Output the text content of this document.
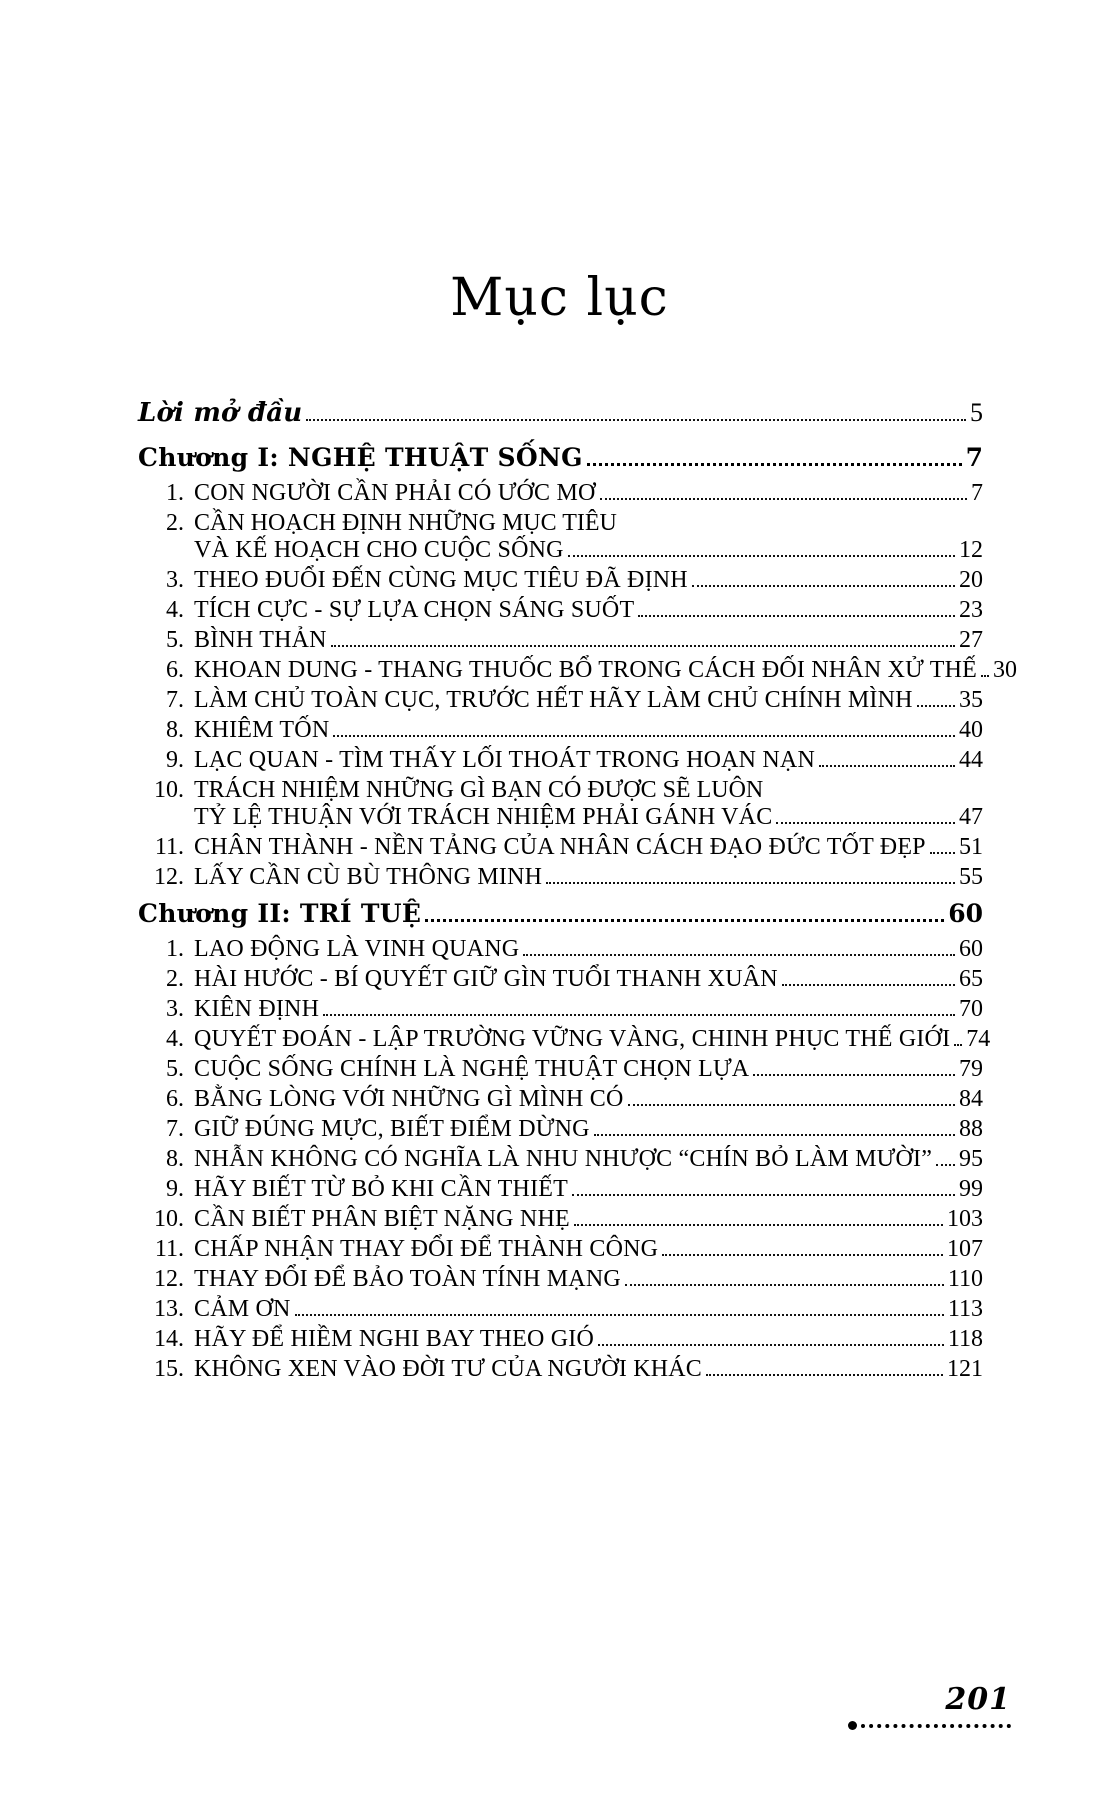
Mục lục
Lời mở đầu	5
Chương I: NGHỆ THUẬT SỐNG	7
1. CON NGƯỜI CẦN PHẢI CÓ ƯỚC MƠ	7
2. CẦN HOẠCH ĐỊNH NHỮNG MỤC TIÊU
VÀ KẾ HOẠCH CHO CUỘC SỐNG	12
3. THEO ĐUỔI ĐẾN CÙNG MỤC TIÊU ĐÃ ĐỊNH	20
4. TÍCH CỰC - SỰ LỰA CHỌN SÁNG SUỐT	23
5. BÌNH THẢN	27
6. KHOAN DUNG - THANG THUỐC BỔ TRONG CÁCH ĐỐI NHÂN XỬ THẾ 30
7. LÀM CHỦ TOÀN CỤC, TRƯỚC HẾT HÃY LÀM CHỦ CHÍNH MÌNH 35
8. KHIÊM TỐN	40
9. LẠC QUAN - TÌM THẤY LỐI THOÁT TRONG HOẠN NẠN	44
10. TRÁCH NHIỆM NHỮNG GÌ BẠN CÓ ĐƯỢC SẼ LUÔN
TỶ LỆ THUẬN VỚI TRÁCH NHIỆM PHẢI GÁNH VÁC	47
11. CHÂN THÀNH - NỀN TẢNG CỦA NHÂN CÁCH ĐẠO ĐỨC TỐT ĐẸP 51
12. LẤY CẦN CÙ BÙ THÔNG MINH	55
Chương II: TRÍ TUỆ	60
1. LAO ĐỘNG LÀ VINH QUANG	60
2. HÀI HƯỚC - BÍ QUYẾT GIỮ GÌN TUỔI THANH XUÂN	65
3. KIÊN ĐỊNH	70
4. QUYẾT ĐOÁN - LẬP TRƯỜNG VỮNG VÀNG, CHINH PHỤC THẾ GIỚI 74
5. CUỘC SỐNG CHÍNH LÀ NGHỆ THUẬT CHỌN LỰA	79
6. BẰNG LÒNG VỚI NHỮNG GÌ MÌNH CÓ	84
7. GIỮ ĐÚNG MỰC, BIẾT ĐIỂM DỪNG	88
8. NHẪN KHÔNG CÓ NGHĨA LÀ NHU NHƯỢC “CHÍN BỎ LÀM MƯỜI” 95
9. HÃY BIẾT TỪ BỎ KHI CẦN THIẾT	99
10. CẦN BIẾT PHÂN BIỆT NẶNG NHẸ	103
11. CHẤP NHẬN THAY ĐỔI ĐỂ THÀNH CÔNG	107
12. THAY ĐỔI ĐỂ BẢO TOÀN TÍNH MẠNG	110
13. CẢM ƠN	113
14. HÃY ĐỂ HIỀM NGHI BAY THEO GIÓ	118
15. KHÔNG XEN VÀO ĐỜI TƯ CỦA NGƯỜI KHÁC	121
201
